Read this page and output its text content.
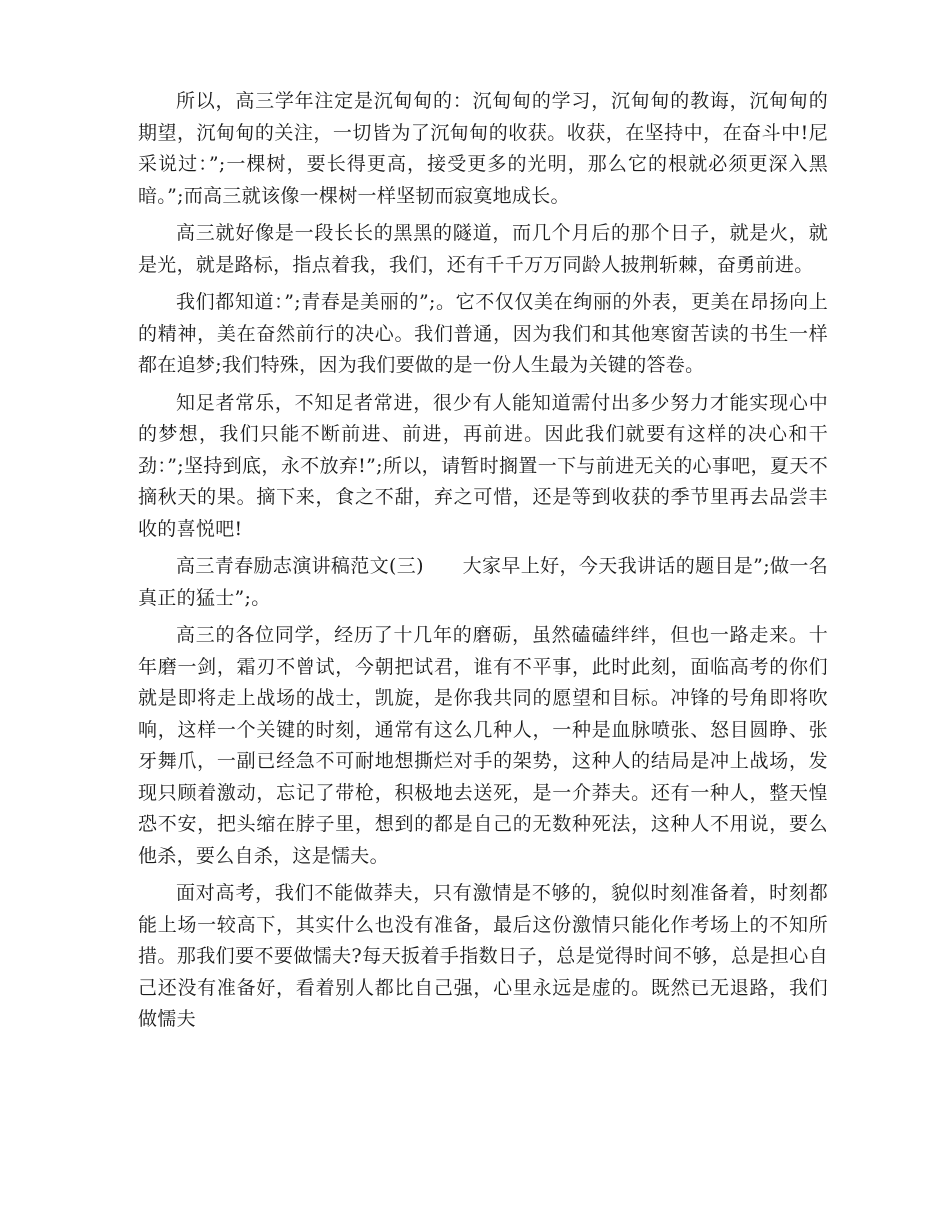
所以，高三学年注定是沉甸甸的：沉甸甸的学习，沉甸甸的教诲，沉甸甸的期望，沉甸甸的关注，一切皆为了沉甸甸的收获。收获，在坚持中，在奋斗中!尼采说过：”;一棵树，要长得更高，接受更多的光明，那么它的根就必须更深入黑暗。”;而高三就该像一棵树一样坚韧而寂寞地成长。

高三就好像是一段长长的黑黑的隧道，而几个月后的那个日子，就是火，就是光，就是路标，指点着我，我们，还有千千万万同龄人披荆斩棘，奋勇前进。

我们都知道：”;青春是美丽的”;。它不仅仅美在绚丽的外表，更美在昂扬向上的精神，美在奋然前行的决心。我们普通，因为我们和其他寒窗苦读的书生一样都在追梦;我们特殊，因为我们要做的是一份人生最为关键的答卷。

知足者常乐，不知足者常进，很少有人能知道需付出多少努力才能实现心中的梦想，我们只能不断前进、前进，再前进。因此我们就要有这样的决心和干劲：”;坚持到底，永不放弃!”;所以，请暂时搁置一下与前进无关的心事吧，夏天不摘秋天的果。摘下来，食之不甜，弃之可惜，还是等到收获的季节里再去品尝丰收的喜悦吧!

高三青春励志演讲稿范文(三)　　大家早上好，今天我讲话的题目是”;做一名真正的猛士”;。

高三的各位同学，经历了十几年的磨砺，虽然磕磕绊绊，但也一路走来。十年磨一剑，霜刃不曾试，今朝把试君，谁有不平事，此时此刻，面临高考的你们就是即将走上战场的战士，凯旋，是你我共同的愿望和目标。冲锋的号角即将吹响，这样一个关键的时刻，通常有这么几种人，一种是血脉喷张、怒目圆睁、张牙舞爪，一副已经急不可耐地想撕烂对手的架势，这种人的结局是冲上战场，发现只顾着激动，忘记了带枪，积极地去送死，是一介莽夫。还有一种人，整天惶恐不安，把头缩在脖子里，想到的都是自己的无数种死法，这种人不用说，要么他杀，要么自杀，这是懦夫。

面对高考，我们不能做莽夫，只有激情是不够的，貌似时刻准备着，时刻都能上场一较高下，其实什么也没有准备，最后这份激情只能化作考场上的不知所措。那我们要不要做懦夫?每天扳着手指数日子，总是觉得时间不够，总是担心自己还没有准备好，看着别人都比自己强，心里永远是虚的。既然已无退路，我们做懦夫
